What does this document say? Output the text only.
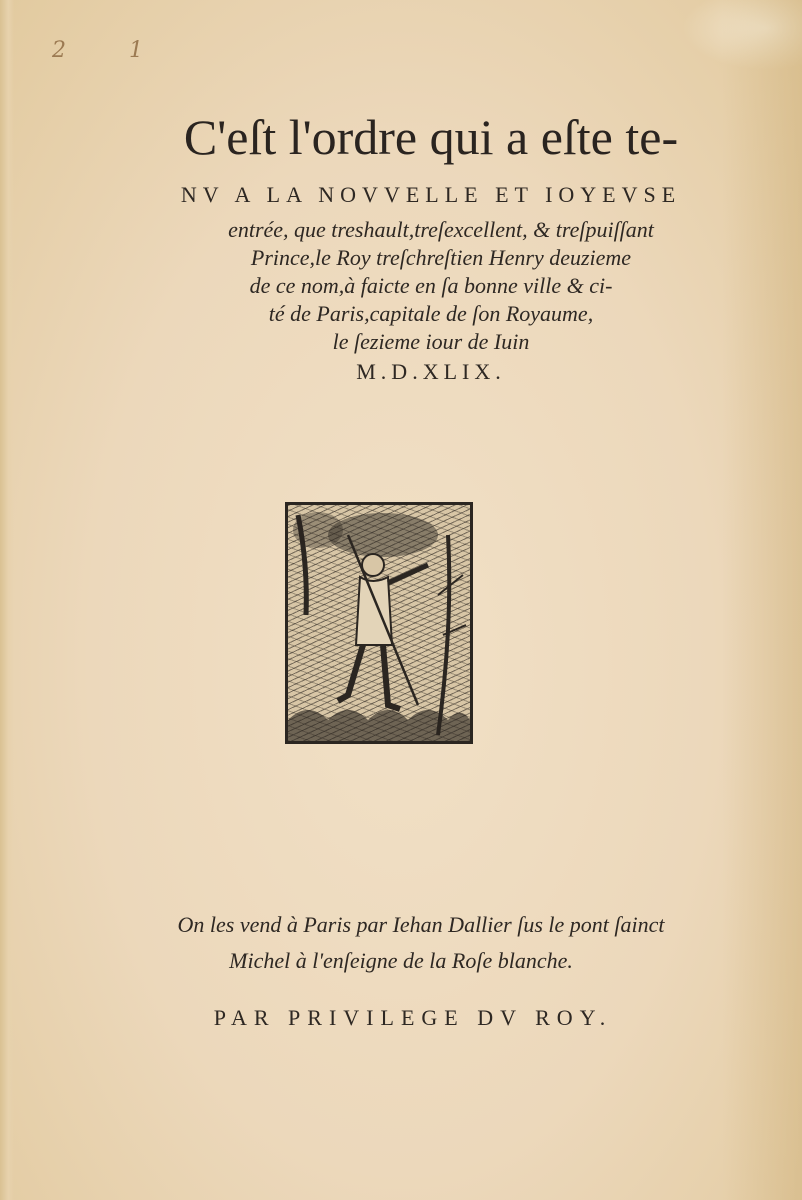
2 1
C'eſt l'ordre qui a eſte te-
NV A LA NOVVELLE ET IOYEVSE
entrée, que treshault,treſexcellent, & treſpuiſſant
Prince,le Roy treſchreſtien Henry deuzieme
de ce nom,à faicte en ſa bonne ville & ci-
té de Paris,capitale de ſon Royaume,
le ſezieme iour de Iuin
M.D.XLIX.
On les vend à Paris par Iehan Dallier ſus le pont ſainct
Michel à l'enſeigne de la Roſe blanche.
PAR PRIVILEGE DV ROY.
